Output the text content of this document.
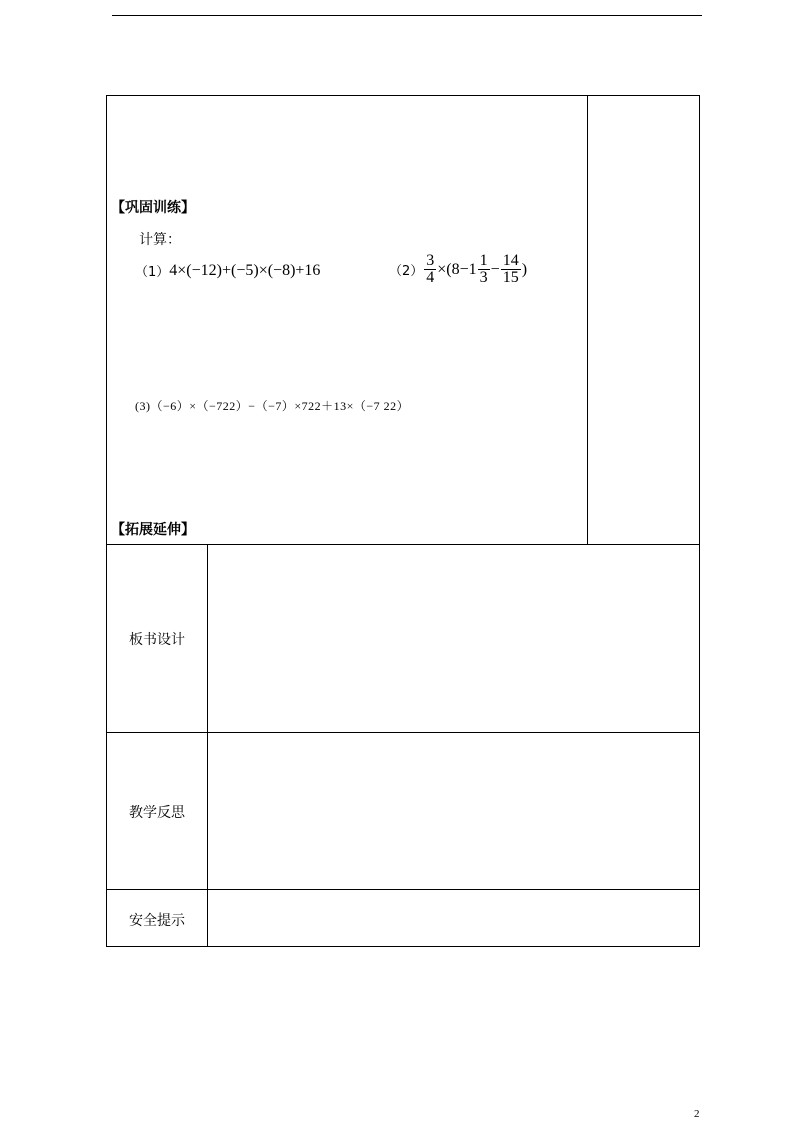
【巩固训练】
计算：
（1） 4×(−12)+(−5)×(−8)+16	$(2) \frac{3}{4} \times(8-1 \frac{1}{3} - \frac{14}{15}$ )
(3)（−6）×（−722）−（−7）×722＋13×（−7 22）
【拓展延伸】
板书设计
教学反思
安全提示
2
